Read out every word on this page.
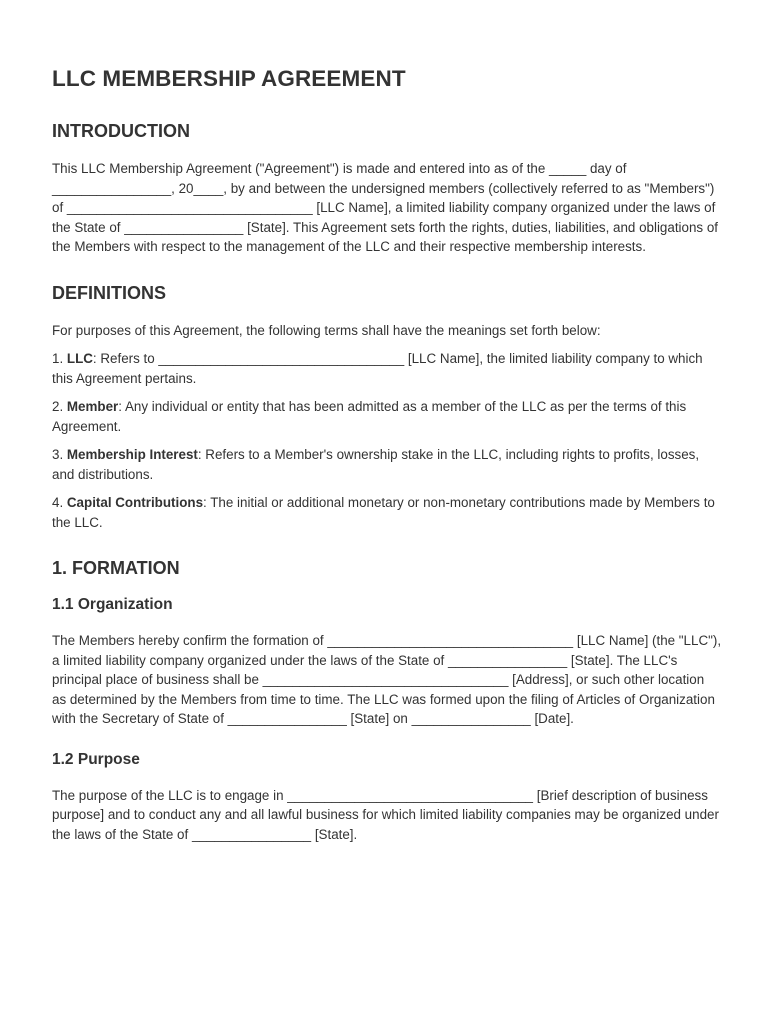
LLC MEMBERSHIP AGREEMENT
INTRODUCTION

This LLC Membership Agreement ("Agreement") is made and entered into as of the _____ day of ________________, 20____, by and between the undersigned members (collectively referred to as "Members") of _________________________________ [LLC Name], a limited liability company organized under the laws of the State of ________________ [State]. This Agreement sets forth the rights, duties, liabilities, and obligations of the Members with respect to the management of the LLC and their respective membership interests.

DEFINITIONS

For purposes of this Agreement, the following terms shall have the meanings set forth below:

1. LLC: Refers to _________________________________ [LLC Name], the limited liability company to which this Agreement pertains.

2. Member: Any individual or entity that has been admitted as a member of the LLC as per the terms of this Agreement.

3. Membership Interest: Refers to a Member's ownership stake in the LLC, including rights to profits, losses, and distributions.

4. Capital Contributions: The initial or additional monetary or non-monetary contributions made by Members to the LLC.

1. FORMATION
1.1 Organization

The Members hereby confirm the formation of _________________________________ [LLC Name] (the "LLC"), a limited liability company organized under the laws of the State of ________________ [State]. The LLC's principal place of business shall be _________________________________ [Address], or such other location as determined by the Members from time to time. The LLC was formed upon the filing of Articles of Organization with the Secretary of State of ________________ [State] on ________________ [Date].

1.2 Purpose

The purpose of the LLC is to engage in _________________________________ [Brief description of business purpose] and to conduct any and all lawful business for which limited liability companies may be organized under the laws of the State of ________________ [State].
